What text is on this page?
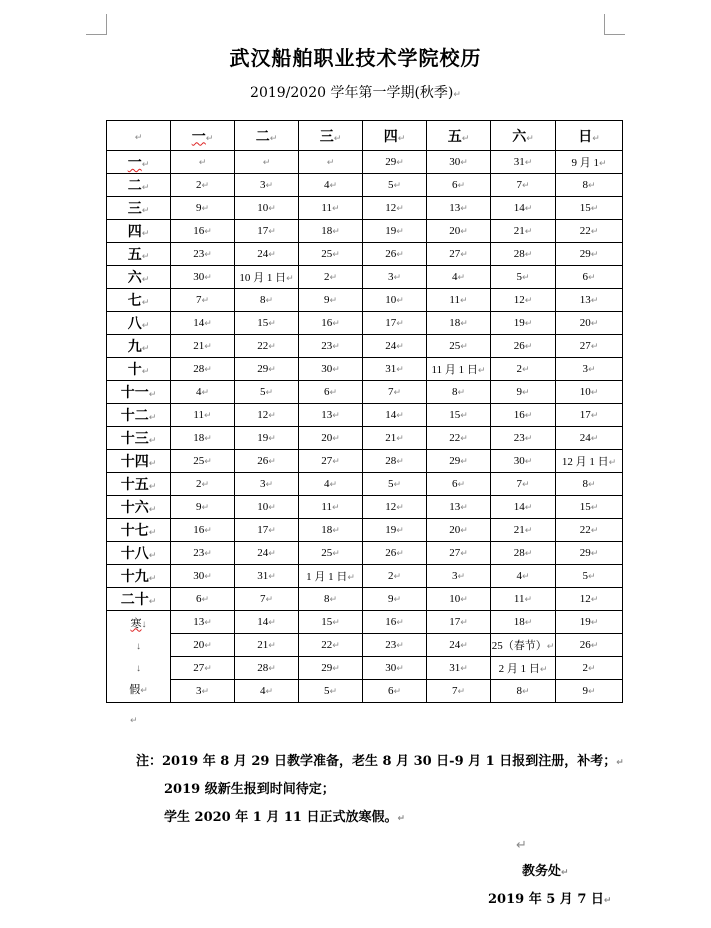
武汉船舶职业技术学院校历
2019/2020 学年第一学期(秋季)↵
↵	一↵	二↵	三↵	四↵	五↵	六↵	日↵
一↵	↵	↵	↵	29↵	30↵	31↵	9 月 1↵
二↵	2↵	3↵	4↵	5↵	6↵	7↵	8↵
三↵	9↵	10↵	11↵	12↵	13↵	14↵	15↵
四↵	16↵	17↵	18↵	19↵	20↵	21↵	22↵
五↵	23↵	24↵	25↵	26↵	27↵	28↵	29↵
六↵	30↵	10 月 1 日↵	2↵	3↵	4↵	5↵	6↵
七↵	7↵	8↵	9↵	10↵	11↵	12↵	13↵
八↵	14↵	15↵	16↵	17↵	18↵	19↵	20↵
九↵	21↵	22↵	23↵	24↵	25↵	26↵	27↵
十↵	28↵	29↵	30↵	31↵	11 月 1 日↵	2↵	3↵
十一↵	4↵	5↵	6↵	7↵	8↵	9↵	10↵
十二↵	11↵	12↵	13↵	14↵	15↵	16↵	17↵
十三↵	18↵	19↵	20↵	21↵	22↵	23↵	24↵
十四↵	25↵	26↵	27↵	28↵	29↵	30↵	12 月 1 日↵
十五↵	2↵	3↵	4↵	5↵	6↵	7↵	8↵
十六↵	9↵	10↵	11↵	12↵	13↵	14↵	15↵
十七↵	16↵	17↵	18↵	19↵	20↵	21↵	22↵
十八↵	23↵	24↵	25↵	26↵	27↵	28↵	29↵
十九↵	30↵	31↵	1 月 1 日↵	2↵	3↵	4↵	5↵
二十↵	6↵	7↵	8↵	9↵	10↵	11↵	12↵

寒↓
↓
↓
假↵	13↵	14↵	15↵	16↵	17↵	18↵	19↵
	20↵	21↵	22↵	23↵	24↵	25（春节）↵	26↵
	27↵	28↵	29↵	30↵	31↵	2 月 1 日↵	2↵
	3↵	4↵	5↵	6↵	7↵	8↵	9↵
↵
注：2019 年 8 月 29 日教学准备，老生 8 月 30 日-9 月 1 日报到注册，补考；↵
2019 级新生报到时间待定；
学生 2020 年 1 月 11 日正式放寒假。↵
↵
教务处↵
2019 年 5 月 7 日↵
